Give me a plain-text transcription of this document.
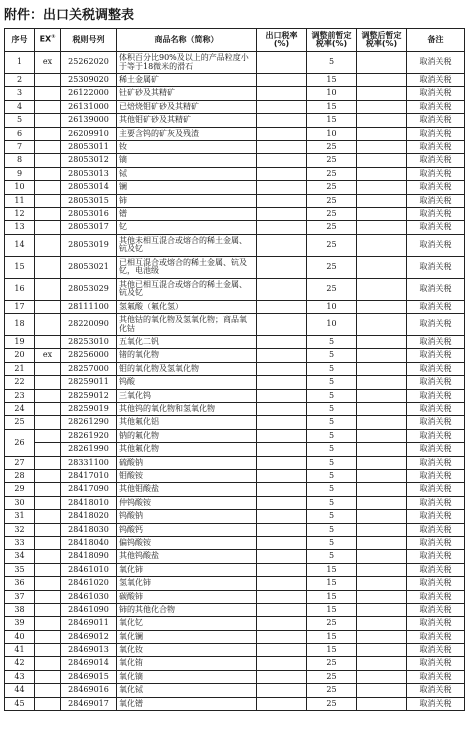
附件：出口关税调整表
序号	EX①	税则号列	商品名称（简称）	出口税率(%)	调整前暂定税率(%)	调整后暂定税率(%)	备注
1	ex	25262020	体积百分比90%及以上的产品粒度小于等于18微米的滑石		5		取消关税
2		25309020	稀土金属矿		15		取消关税
3		26122000	钍矿砂及其精矿		10		取消关税
4		26131000	已焙烧钼矿砂及其精矿		15		取消关税
5		26139000	其他钼矿砂及其精矿		15		取消关税
6		26209910	主要含钨的矿灰及残渣		10		取消关税
7		28053011	钕		25		取消关税
8		28053012	镝		25		取消关税
9		28053013	铽		25		取消关税
10		28053014	镧		25		取消关税
11		28053015	铈		25		取消关税
12		28053016	镨		25		取消关税
13		28053017	钇		25		取消关税
14		28053019	其他未相互混合或熔合的稀土金属、钪及钇		25		取消关税
15		28053021	已相互混合或熔合的稀土金属、钪及钇，电池级		25		取消关税
16		28053029	其他已相互混合或熔合的稀土金属、钪及钇		25		取消关税
17		28111100	氢氟酸（氟化氢）		10		取消关税
18		28220090	其他钴的氧化物及氢氧化物；商品氧化钴		10		取消关税
19		28253010	五氧化二钒		5		取消关税
20	ex	28256000	锗的氧化物		5		取消关税
21		28257000	钼的氧化物及氢氧化物		5		取消关税
22		28259011	钨酸		5		取消关税
23		28259012	三氧化钨		5		取消关税
24		28259019	其他钨的氧化物和氢氧化物		5		取消关税
25		28261290	其他氟化铝		5		取消关税
26		28261920	钠的氟化物		5		取消关税
		28261990	其他氟化物		5		取消关税
27		28331100	硫酸钠		5		取消关税
28		28417010	钼酸铵		5		取消关税
29		28417090	其他钼酸盐		5		取消关税
30		28418010	仲钨酸铵		5		取消关税
31		28418020	钨酸钠		5		取消关税
32		28418030	钨酸钙		5		取消关税
33		28418040	偏钨酸铵		5		取消关税
34		28418090	其他钨酸盐		5		取消关税
35		28461010	氧化铈		15		取消关税
36		28461020	氢氧化铈		15		取消关税
37		28461030	碳酸铈		15		取消关税
38		28461090	铈的其他化合物		15		取消关税
39		28469011	氧化钇		25		取消关税
40		28469012	氧化镧		15		取消关税
41		28469013	氧化钕		15		取消关税
42		28469014	氧化铕		25		取消关税
43		28469015	氧化镝		25		取消关税
44		28469016	氧化铽		25		取消关税
45		28469017	氧化镨		25		取消关税
